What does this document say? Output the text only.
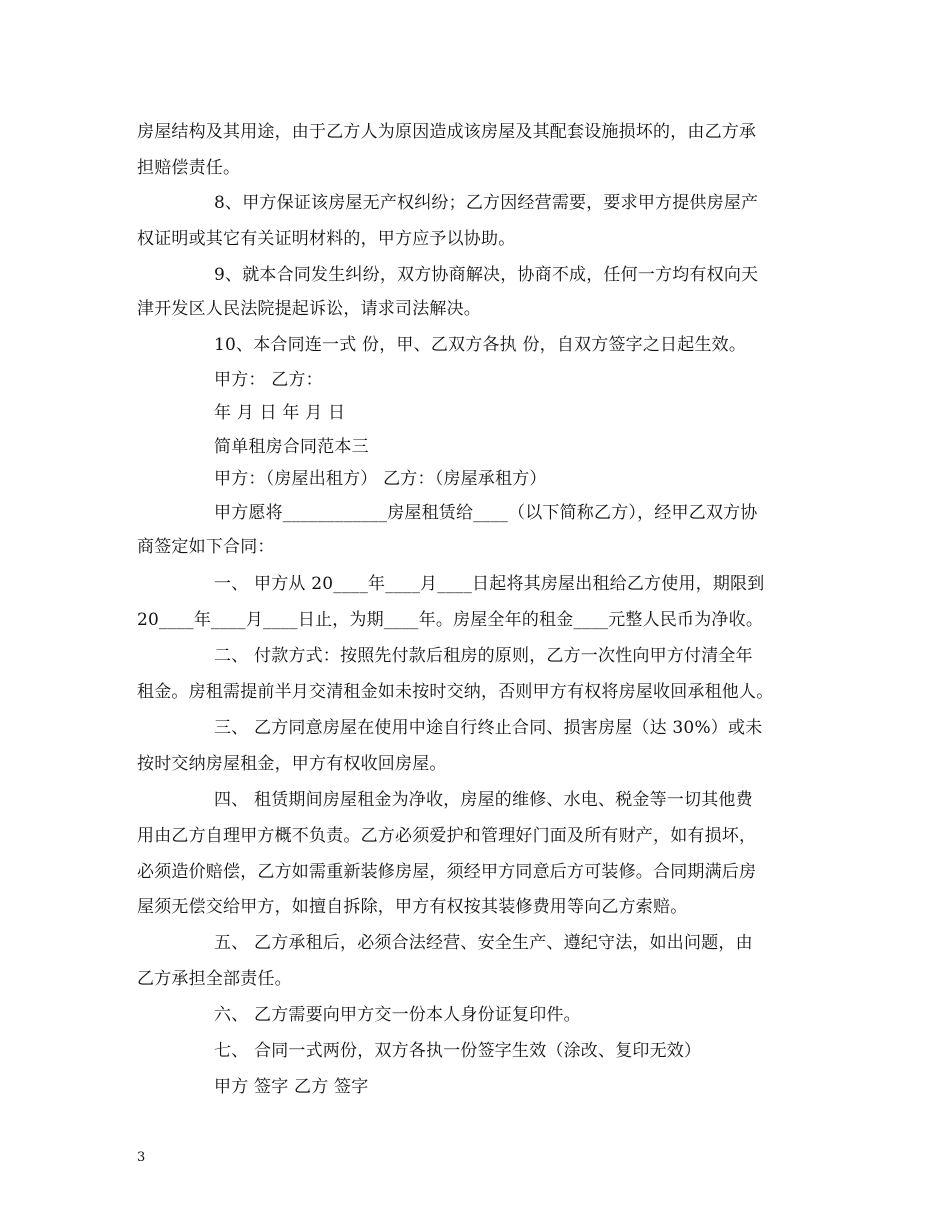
房屋结构及其用途，由于乙方人为原因造成该房屋及其配套设施损坏的，由乙方承
担赔偿责任。
8、甲方保证该房屋无产权纠纷；乙方因经营需要，要求甲方提供房屋产
权证明或其它有关证明材料的，甲方应予以协助。
9、就本合同发生纠纷，双方协商解决，协商不成，任何一方均有权向天
津开发区人民法院提起诉讼，请求司法解决。
10、本合同连一式 份，甲、乙双方各执 份，自双方签字之日起生效。
甲方： 乙方：
年 月 日 年 月 日
简单租房合同范本三
甲方：（房屋出租方） 乙方：（房屋承租方）
甲方愿将____________房屋租赁给____（以下简称乙方），经甲乙双方协
商签定如下合同：
一、 甲方从 20____年____月____日起将其房屋出租给乙方使用，期限到
20____年____月____日止，为期____年。房屋全年的租金____元整人民币为净收。
二、 付款方式：按照先付款后租房的原则，乙方一次性向甲方付清全年
租金。房租需提前半月交清租金如未按时交纳，否则甲方有权将房屋收回承租他人。
三、 乙方同意房屋在使用中途自行终止合同、损害房屋（达 30%）或未
按时交纳房屋租金，甲方有权收回房屋。
四、 租赁期间房屋租金为净收，房屋的维修、水电、税金等一切其他费
用由乙方自理甲方概不负责。乙方必须爱护和管理好门面及所有财产，如有损坏，
必须造价赔偿，乙方如需重新装修房屋，须经甲方同意后方可装修。合同期满后房
屋须无偿交给甲方，如擅自拆除，甲方有权按其装修费用等向乙方索赔。
五、 乙方承租后，必须合法经营、安全生产、遵纪守法，如出问题，由
乙方承担全部责任。
六、 乙方需要向甲方交一份本人身份证复印件。
七、 合同一式两份，双方各执一份签字生效（涂改、复印无效）
甲方 签字 乙方 签字
3
